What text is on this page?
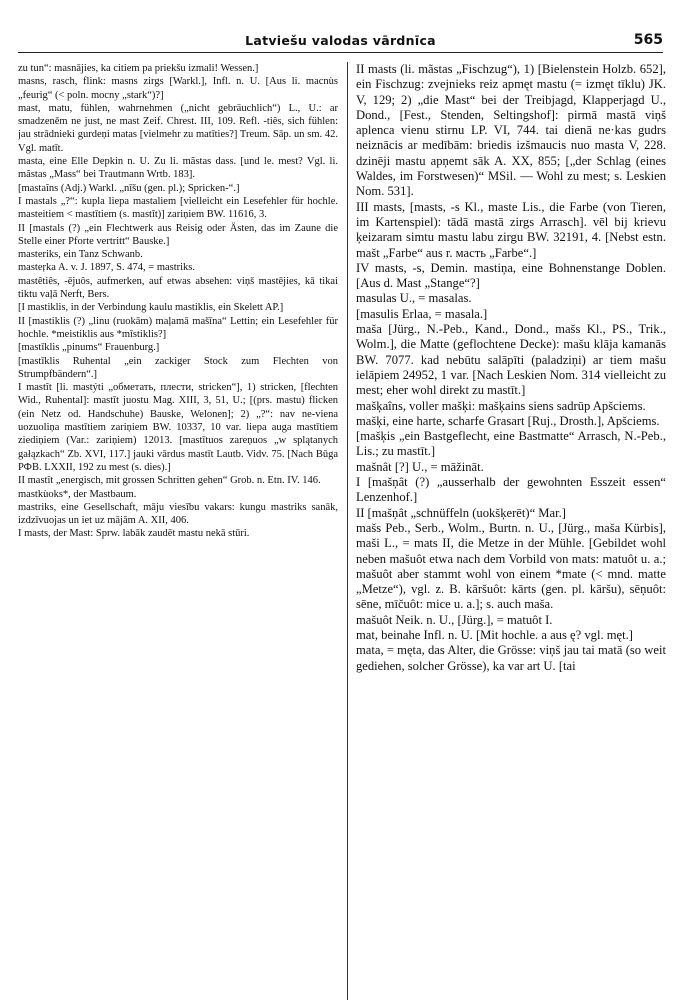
Latviešu valodas vārdnīca	565

zu tun“: masnājies, ka citiem pa priekšu izmali! Wessen.]

masns, rasch, flink: masns zirgs [Warkl.], Infl. n. U. [Aus li. macnùs „feurig“ (< poln. mocny „stark“)?]

mast, matu, fühlen, wahrnehmen („nicht gebräuchlich“) L., U.: ar smadzeněm ne just, ne mast Zeif. Chrest. III, 109. Refl. -tiês, sich fühlen: jau strādnieki gurdeņi matas [vielmehr zu matīties?] Treum. Sāp. un sm. 42. Vgl. matīt.

masta, eine Elle Depkin n. U. Zu li. mãstas dass. [und le. mest? Vgl. li. mãstas „Mass“ bei Trautmann Wrtb. 183].

[mastaîns (Adj.) Warkl. „nīšu (gen. pl.); Spricken-“.]

I mastals „?“: kupla liepa mastaliem [vielleicht ein Lesefehler für hochle. masteitiem < mastītiem (s. mastīt)] zariņiem BW. 11616, 3.

II [mastals (?) „ein Flechtwerk aus Reisig oder Ästen, das im Zaune die Stelle einer Pforte vertritt“ Bauske.]

masteriks, ein Tanz Schwanb.

masteŗka A. v. J. 1897, S. 474, = mastriks.

mastêtiês, -ējuôs, aufmerken, auf etwas absehen: viņš mastējies, kā tikai tiktu vaļā Nerft, Bers.

[I mastiklis, in der Verbindung kaulu mastiklis, ein Skelett AP.]

II [mastiklis (?) „linu (ruokām) maļamā mašīna“ Lettin; ein Lesefehler für hochle. *meistiklis aus *mīstiklis?]

[mastīklis „pinums“ Frauenburg.]

[mastīklis Ruhental „ein zackiger Stock zum Flechten von Strumpfbändern“.]

I mastît [li. mastýti „обметать, плести, stricken“], 1) stricken, [flechten Wid., Ruhental]: mastīt juostu Mag. XIII, 3, 51, U.; [(prs. mastu) flicken (ein Netz od. Handschuhe) Bauske, Welonen]; 2) „?“: nav ne-viena uozuoliņa mastītiem zariņiem BW. 10337, 10 var. liepa auga mastītiem ziediņiem (Var.: zariņiem) 12013. [mastītuos zareņuos „w splątanych gałązkach“ Zb. XVI, 117.] jauki vārdus mastīt Lautb. Vidv. 75. [Nach Būga РФВ. LXXII, 192 zu mest (s. dies).]

II mastît „energisch, mit grossen Schritten gehen“ Grob. n. Etn. IV. 146.

mastkùoks*, der Mastbaum.

mastriks, eine Gesellschaft, māju viesību vakars: kungu mastriks sanāk, izdzīvuojas un iet uz mājām A. XII, 406.

I masts, der Mast: Sprw. labāk zaudēt mastu nekā stūri.

II masts (li. mãstas „Fischzug“), 1) [Bielenstein Holzb. 652], ein Fischzug: zvejnieks reiz apmęt mastu (= izmęt tīklu) JK. V, 129; 2) „die Mast“ bei der Treibjagd, Klapperjagd U., Dond., [Fest., Stenden, Seltingshof]: pirmā mastā viņš aplenca vienu stirnu LP. VI, 744. tai dienā ne·kas gudrs neiznācis ar medībām: briedis izšmaucis nuo masta V, 228. dzinēji mastu apņemt sāk A. XX, 855; [„der Schlag (eines Waldes, im Forstwesen)“ MSil. — Wohl zu mest; s. Leskien Nom. 531].

III masts, [masts, -s Kl., maste Lis., die Farbe (von Tieren, im Kartenspiel): tādā mastā zirgs Arrasch]. vēl bij krievu ķeizaram simtu mastu labu zirgu BW. 32191, 4. [Nebst estn. mašt „Farbe“ aus r. масть „Farbe“.]

IV masts, -s, Demin. mastiņa, eine Bohnenstange Doblen. [Aus d. Mast „Stange“?]

masulas U., = masalas.

[masulis Erlaa, = masala.]

maša [Jürg., N.-Peb., Kand., Dond., mašs Kl., PS., Trik., Wolm.], die Matte (geflochtene Decke): mašu klāja kamanās BW. 7077. kad nebūtu salāpīti (paladziņi) ar tiem mašu ielāpiem 24952, 1 var. [Nach Leskien Nom. 314 vielleicht zu mest; eher wohl direkt zu mastīt.]

mašķaîns, voller mašķi: mašķains siens sadrūp Apšciems.

mašķi, eine harte, scharfe Grasart [Ruj., Drosth.], Apšciems.

[mašķis „ein Bastgeflecht, eine Bastmatte“ Arrasch, N.-Peb., Lis.; zu mastīt.]

mašnât [?] U., = māžināt.

I [mašņât (?) „ausserhalb der gewohnten Esszeit essen“ Lenzenhof.]

II [mašņât „schnüffeln (uokšķerēt)“ Mar.]

mašs Peb., Serb., Wolm., Burtn. n. U., [Jürg., maša Kürbis], maši L., = mats II, die Metze in der Mühle. [Gebildet wohl neben mašuôt etwa nach dem Vorbild von mats: matuôt u. a.; mašuôt aber stammt wohl von einem *mate (< mnd. matte „Metze“), vgl. z. B. kāršuôt: kārts (gen. pl. kāršu), sēņuôt: sēne, mīčuôt: mice u. a.]; s. auch maša.

mašuôt Neik. n. U., [Jürg.], = matuôt I.

mat, beinahe Infl. n. U. [Mit hochle. a aus ę? vgl. męt.]

mata, = męta, das Alter, die Grösse: viņš jau tai matā (so weit gediehen, solcher Grösse), ka var art U. [tai
